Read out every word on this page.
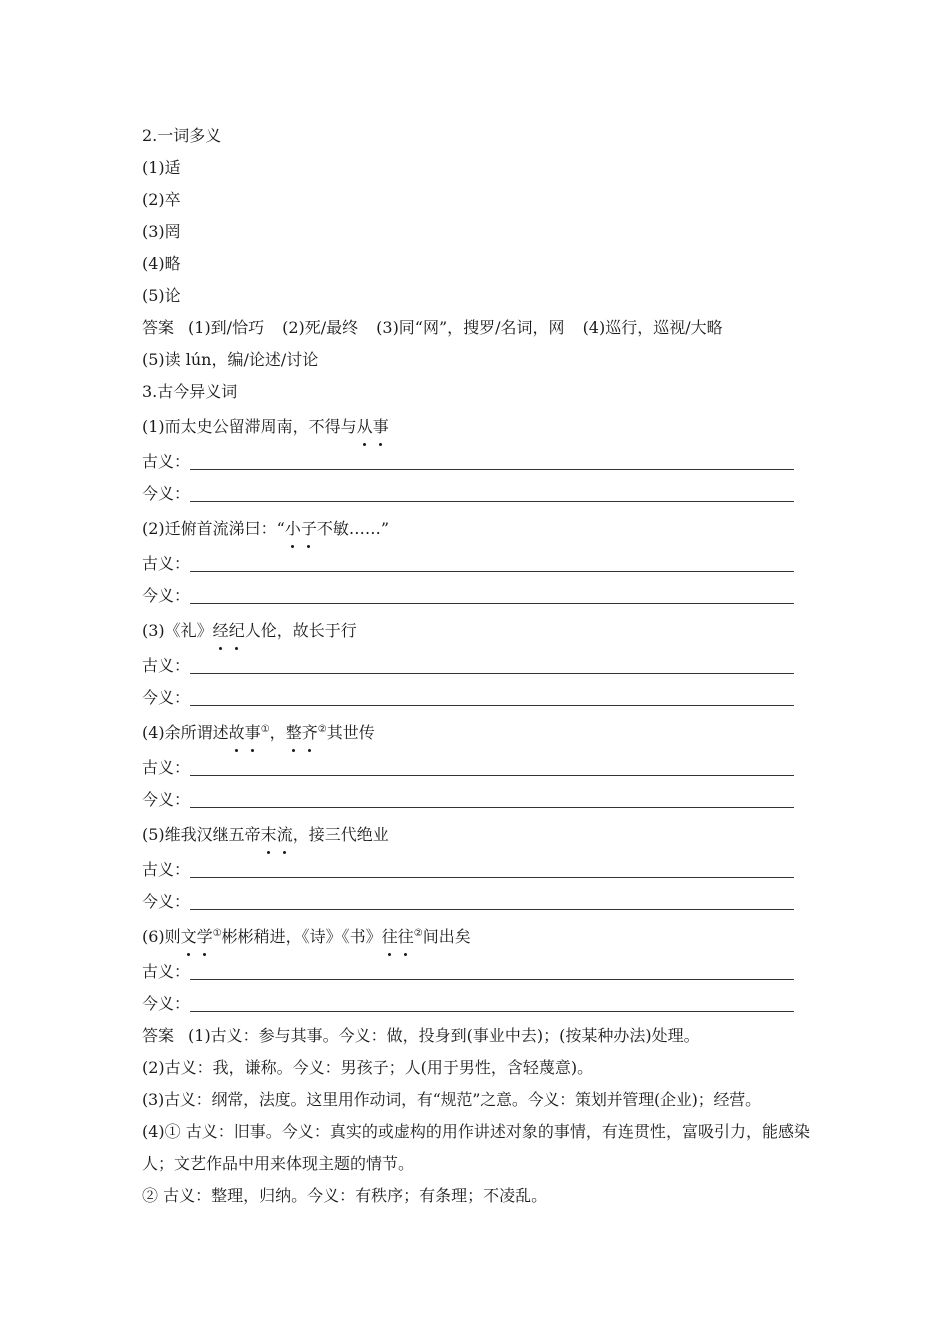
2.一词多义
(1)适
(2)卒
(3)罔
(4)略
(5)论
答案 (1)到/恰巧 (2)死/最终 (3)同“网”，搜罗/名词，网 (4)巡行，巡视/大略
(5)读 lún，编/论述/讨论
3.古今异义词
(1)而太史公留滞周南，不得与从事
古义：
今义：
(2)迁俯首流涕曰：“小子不敏……”
古义：
今义：
(3)《礼》经纪人伦，故长于行
古义：
今义：
(4)余所谓述故事①，整齐②其世传
古义：
今义：
(5)维我汉继五帝末流，接三代绝业
古义：
今义：
(6)则文学①彬彬稍进，《诗》《书》往往②间出矣
古义：
今义：
答案 (1)古义：参与其事。今义：做，投身到(事业中去)；(按某种办法)处理。
(2)古义：我，谦称。今义：男孩子；人(用于男性，含轻蔑意)。
(3)古义：纲常，法度。这里用作动词，有“规范”之意。今义：策划并管理(企业)；经营。
(4)① 古义：旧事。今义：真实的或虚构的用作讲述对象的事情，有连贯性，富吸引力，能感染人；文艺作品中用来体现主题的情节。
② 古义：整理，归纳。今义：有秩序；有条理；不凌乱。
